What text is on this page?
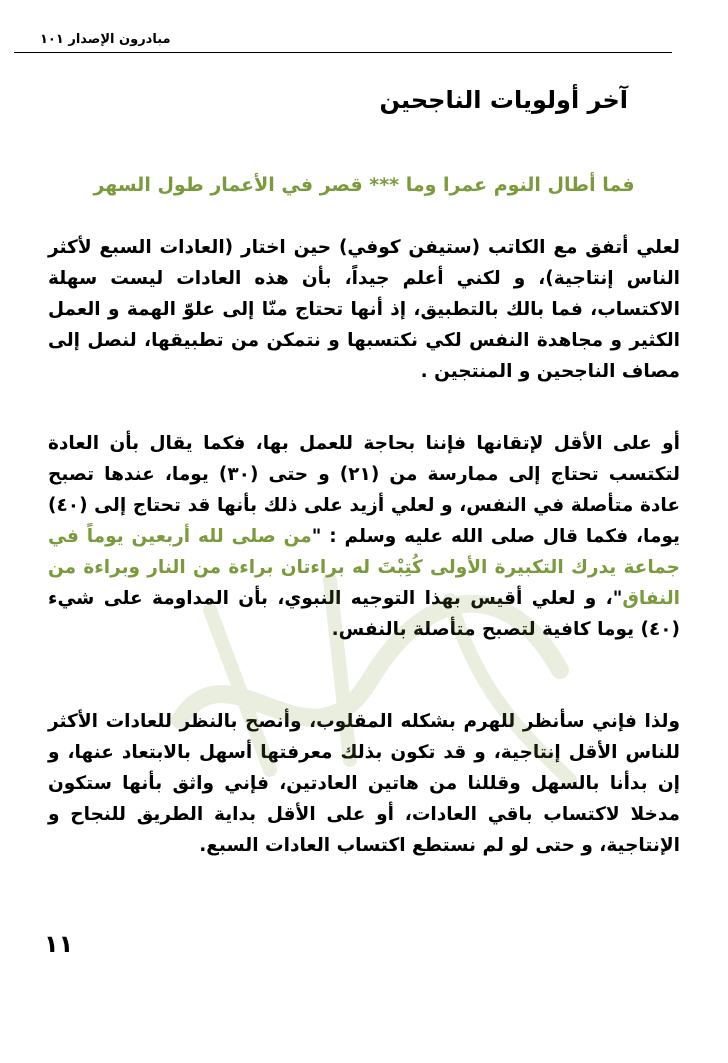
مبادرون الإصدار ١٠١
آخر أولويات الناجحين
فما أطال النوم عمرا وما *** قصر في الأعمار طول السهر

لعلي أتفق مع الكاتب (ستيفن كوفي) حين اختار (العادات السبع لأكثر الناس إنتاجية)، و لكني أعلم جيداً، بأن هذه العادات ليست سهلة الاكتساب، فما بالك بالتطبيق، إذ أنها تحتاج منّا إلى علوّ الهمة و العمل الكثير و مجاهدة النفس لكي نكتسبها و نتمكن من تطبيقها، لنصل إلى مصاف الناجحين و المنتجين .

أو على الأقل لإتقانها فإننا بحاجة للعمل بها، فكما يقال بأن العادة لتكتسب تحتاج إلى ممارسة من (٢١) و حتى (٣٠) يوما، عندها تصبح عادة متأصلة في النفس، و لعلي أزيد على ذلك بأنها قد تحتاج إلى (٤٠) يوما، فكما قال صلى الله عليه وسلم : "من صلى لله أربعين يوماً في جماعة يدرك التكبيرة الأولى كُتِبْتَ له براءتان براءة من النار وبراءة من النفاق"، و لعلي أقيس بهذا التوجيه النبوي، بأن المداومة على شيء (٤٠) يوما كافية لتصبح متأصلة بالنفس.

ولذا فإني سأنظر للهرم بشكله المقلوب، وأنصح بالنظر للعادات الأكثر للناس الأقل إنتاجية، و قد تكون بذلك معرفتها أسهل بالابتعاد عنها، و إن بدأنا بالسهل وقللنا من هاتين العادتين، فإني واثق بأنها ستكون مدخلا لاكتساب باقي العادات، أو على الأقل بداية الطريق للنجاح و الإنتاجية، و حتى لو لم نستطع اكتساب العادات السبع.

١١
